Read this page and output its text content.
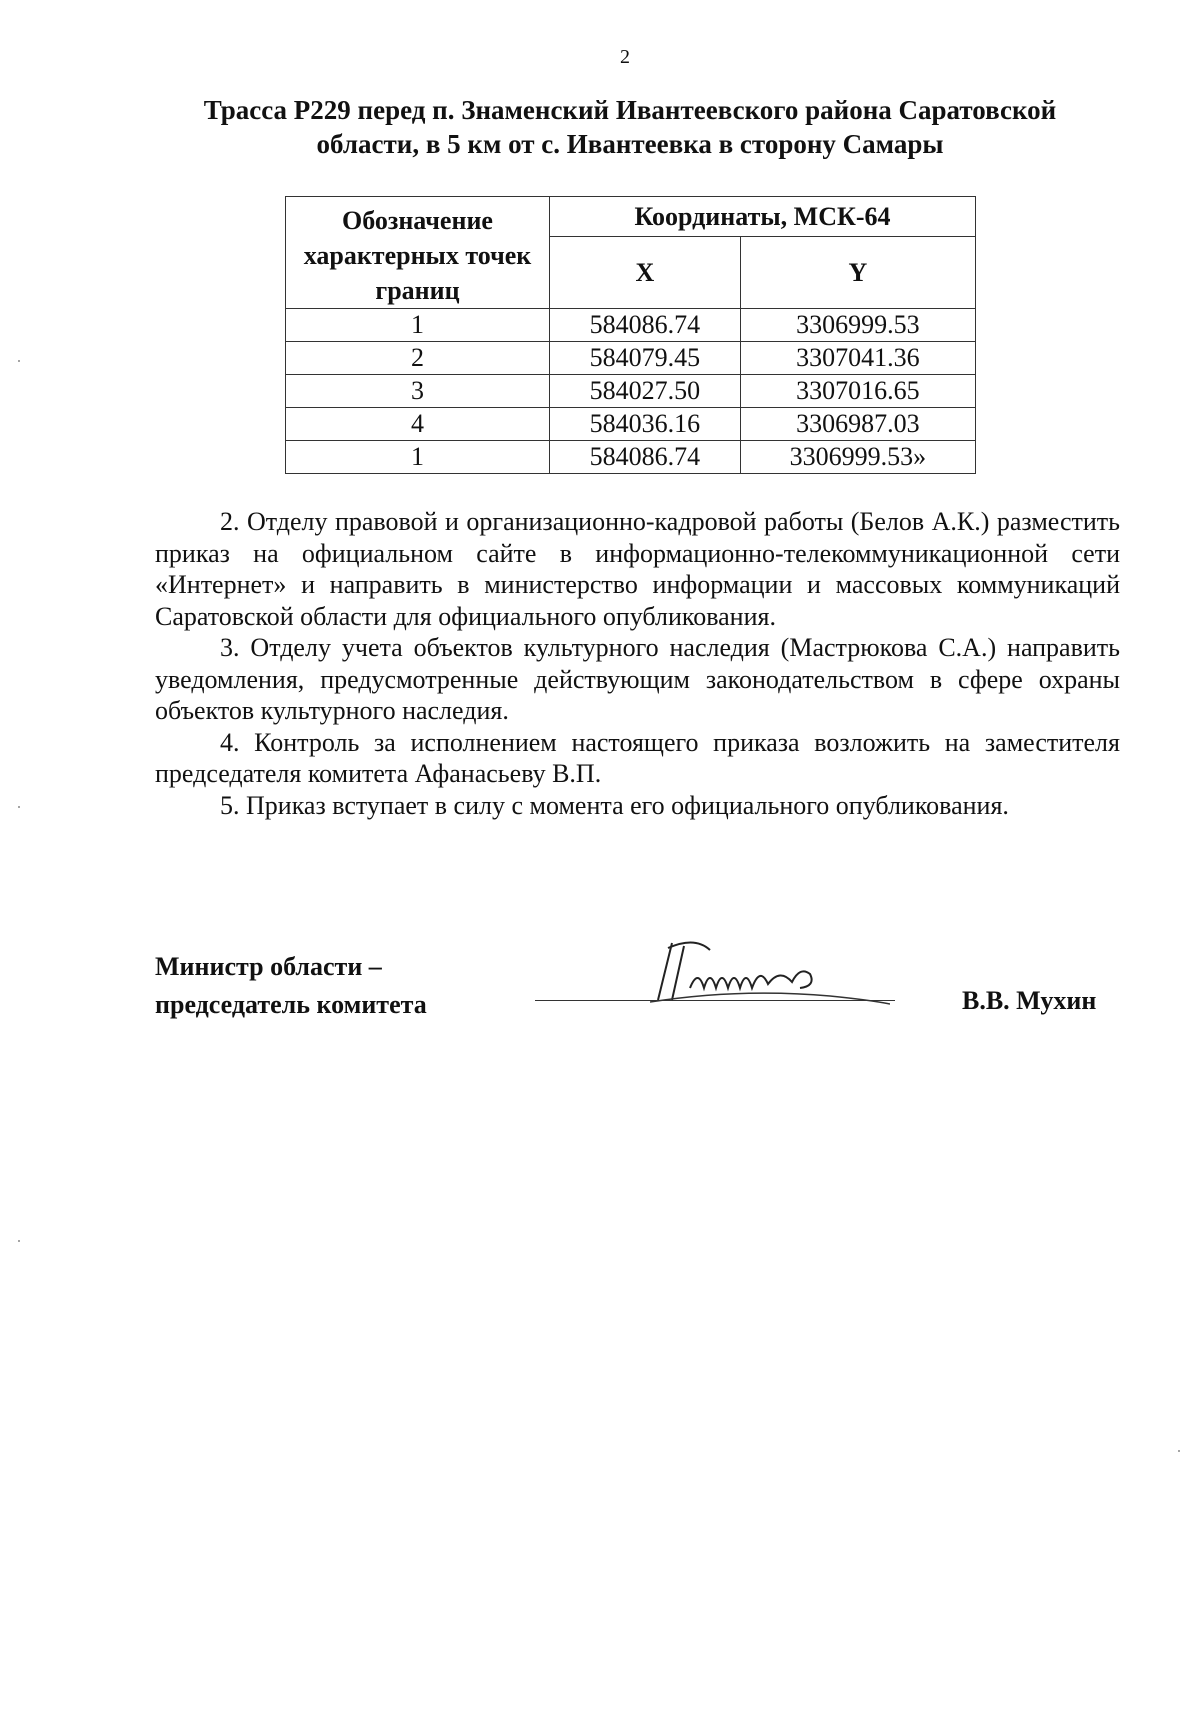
2
Трасса Р229 перед п. Знаменский Ивантеевского района Саратовской
области, в 5 км от с. Ивантеевка в сторону Самары
Обозначение характерных точек границ	Координаты, МСК-64	
	X	Y
1	584086.74	3306999.53
2	584079.45	3307041.36
3	584027.50	3307016.65
4	584036.16	3306987.03
1	584086.74	3306999.53»

2. Отделу правовой и организационно-кадровой работы (Белов А.К.) разместить приказ на официальном сайте в информационно-телекоммуникационной сети «Интернет» и направить в министерство информации и массовых коммуникаций Саратовской области для официального опубликования.

3. Отделу учета объектов культурного наследия (Мастрюкова С.А.) направить уведомления, предусмотренные действующим законодательством в сфере охраны объектов культурного наследия.

4. Контроль за исполнением настоящего приказа возложить на заместителя председателя комитета Афанасьеву В.П.

5. Приказ вступает в силу с момента его официального опубликования.

Министр области –
председатель комитета	В.В. Мухин
